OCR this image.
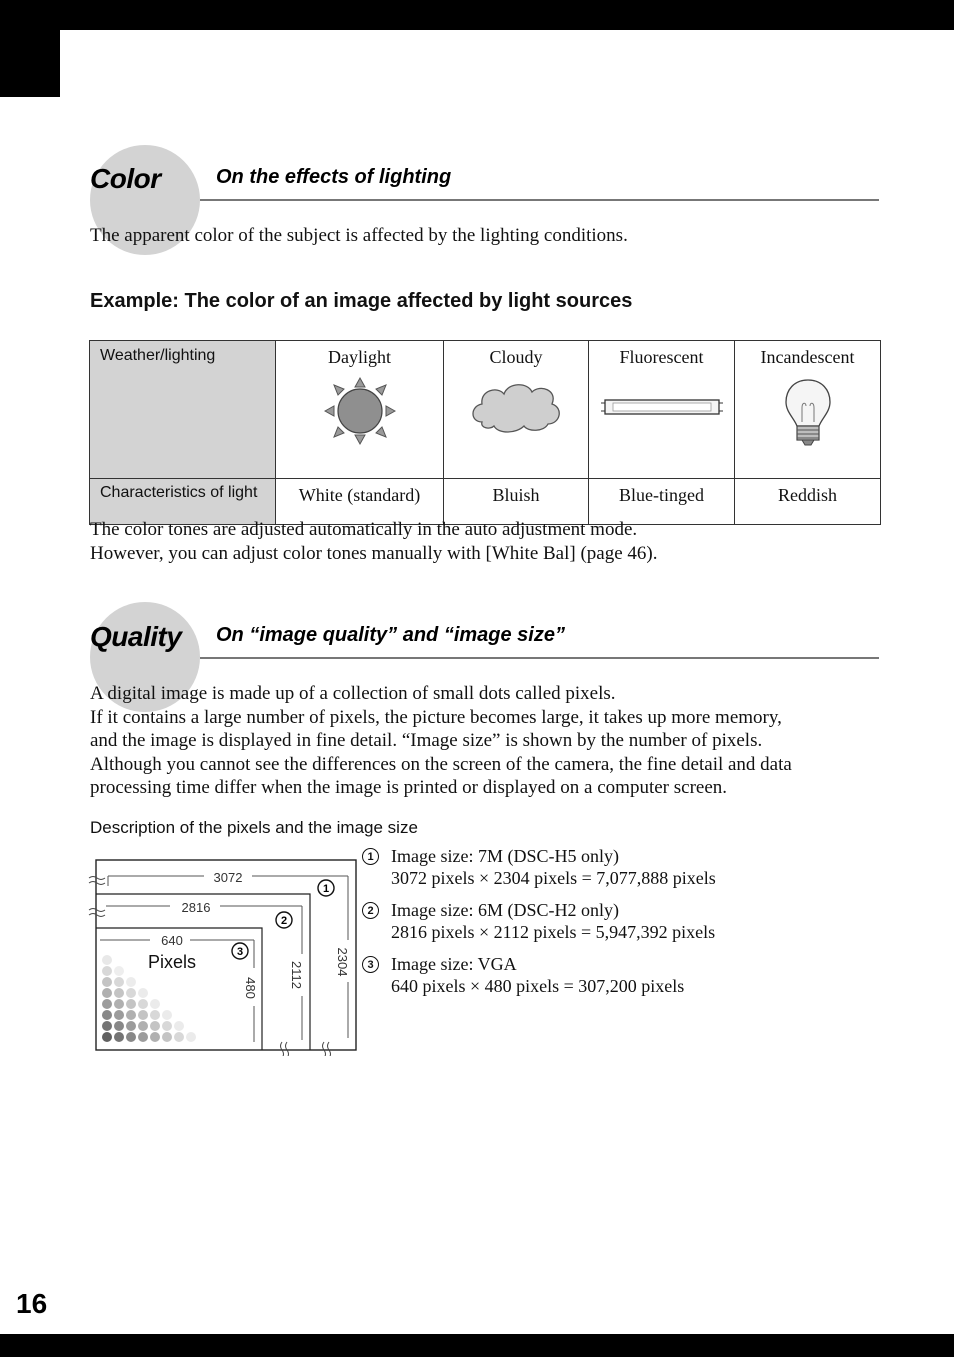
Color	On the effects of lighting

The apparent color of the subject is affected by the lighting conditions.

Example: The color of an image affected by light sources
Weather/lighting	Daylight	Cloudy	Fluorescent	Incandescent

Characteristics of light	White (standard)	Bluish	Blue-tinged	Reddish

The color tones are adjusted automatically in the auto adjustment mode.

However, you can adjust color tones manually with [White Bal] (page 46).

Quality On “image quality” and “image size”

A digital image is made up of a collection of small dots called pixels.

If it contains a large number of pixels, the picture becomes large, it takes up more memory,

and the image is displayed in fine detail. “Image size” is shown by the number of pixels.

Although you cannot see the differences on the screen of the camera, the fine detail and data

processing time differ when the image is printed or displayed on a computer screen.

Description of the pixels and the image size
3072
2816
640
2304
2112
480
1
2
3
Pixels
1 Image size: 7M (DSC-H5 only)
3072 pixels × 2304 pixels = 7,077,888 pixels
2 Image size: 6M (DSC-H2 only)
2816 pixels × 2112 pixels = 5,947,392 pixels
3 Image size: VGA
640 pixels × 480 pixels = 307,200 pixels
16
